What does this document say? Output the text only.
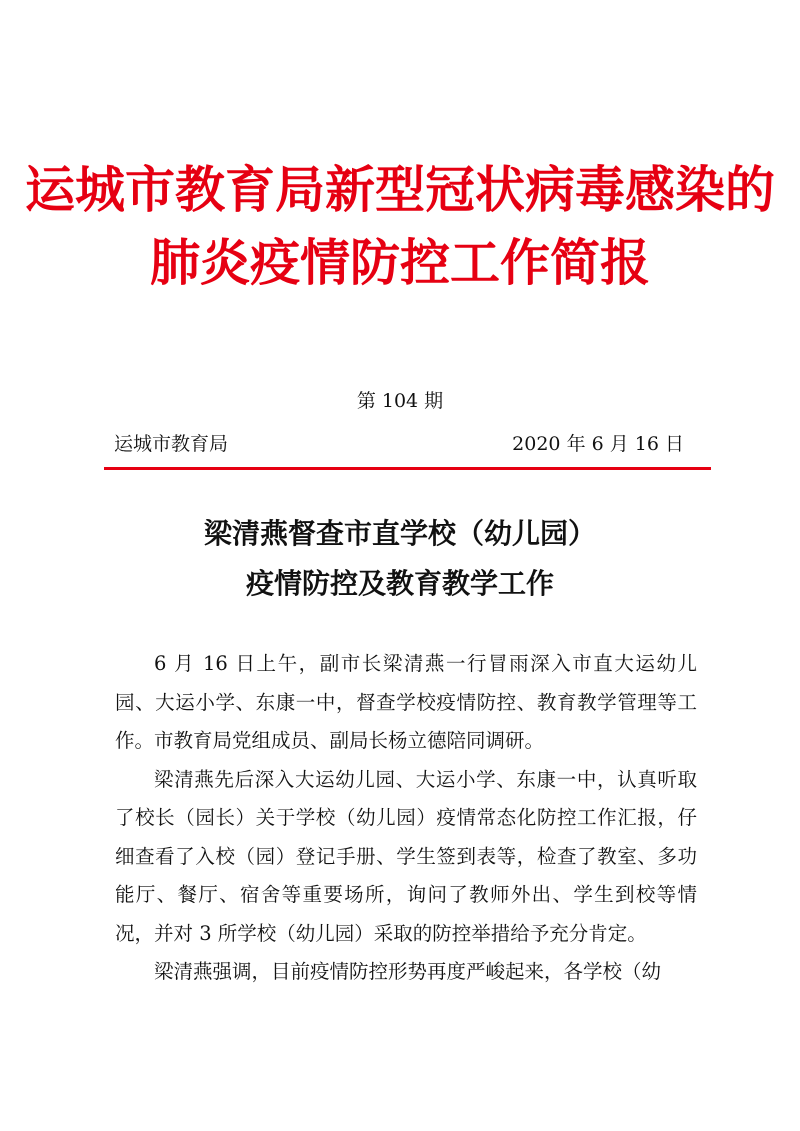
运城市教育局新型冠状病毒感染的
肺炎疫情防控工作简报
第 104 期
运城市教育局	2020 年 6 月 16 日
梁清燕督查市直学校（幼儿园）
疫情防控及教育教学工作

6 月 16 日上午，副市长梁清燕一行冒雨深入市直大运幼儿园、大运小学、东康一中，督查学校疫情防控、教育教学管理等工作。市教育局党组成员、副局长杨立德陪同调研。

梁清燕先后深入大运幼儿园、大运小学、东康一中，认真听取了校长（园长）关于学校（幼儿园）疫情常态化防控工作汇报，仔细查看了入校（园）登记手册、学生签到表等，检查了教室、多功能厅、餐厅、宿舍等重要场所，询问了教师外出、学生到校等情况，并对 3 所学校（幼儿园）采取的防控举措给予充分肯定。

梁清燕强调，目前疫情防控形势再度严峻起来，各学校（幼
